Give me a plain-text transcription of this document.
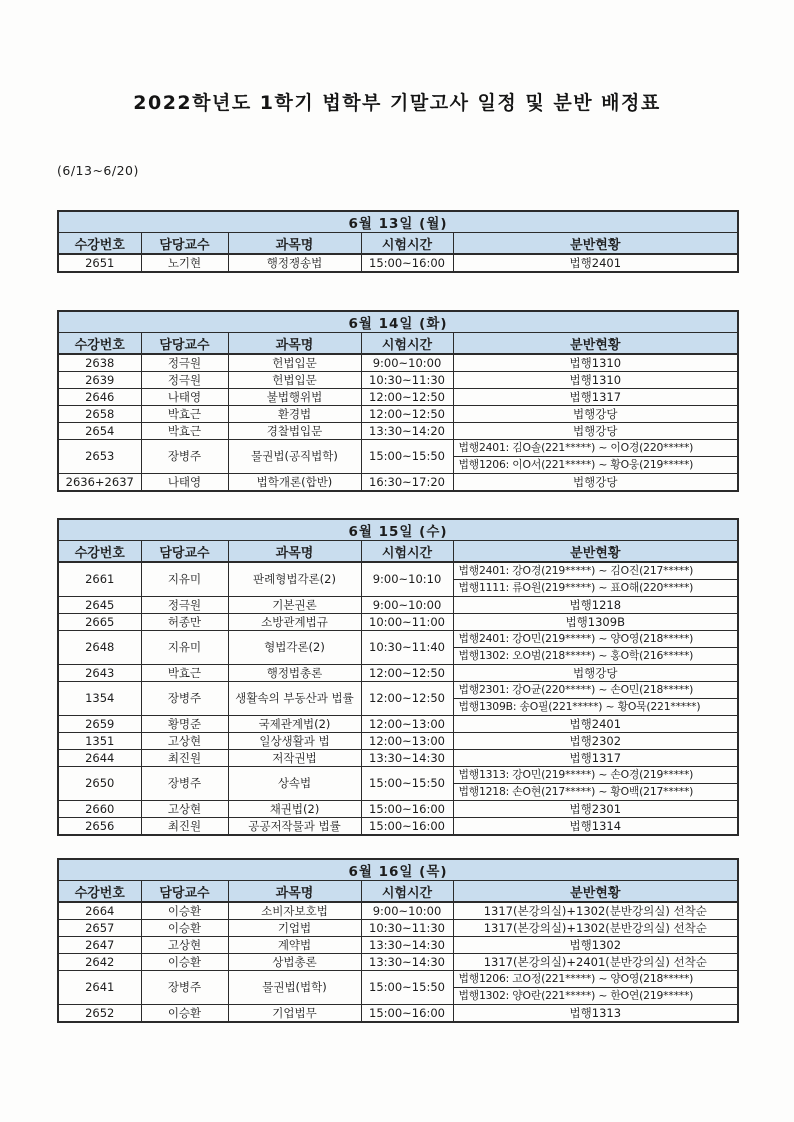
2022학년도 1학기 법학부 기말고사 일정 및 분반 배정표
(6/13~6/20)
6월 13일 (월)				
수강번호	담당교수	과목명	시험시간	분반현황
2651	노기현	행정쟁송법	15:00~16:00	법행2401
6월 14일 (화)				
수강번호	담당교수	과목명	시험시간	분반현황
2638	정극원	헌법입문	9:00~10:00	법행1310
2639	정극원	헌법입문	10:30~11:30	법행1310
2646	나태영	불법행위법	12:00~12:50	법행1317
2658	박효근	환경법	12:00~12:50	법행강당
2654	박효근	경찰법입문	13:30~14:20	법행강당
2653	장병주	물권법(공직법학)	15:00~15:50	법행2401: 김O솔(221*****) ~ 이O경(220*****)
				법행1206: 이O서(221*****) ~ 황O웅(219*****)
2636+2637	나태영	법학개론(합반)	16:30~17:20	법행강당
6월 15일 (수)				
수강번호	담당교수	과목명	시험시간	분반현황
2661	지유미	판례형법각론(2)	9:00~10:10	법행2401: 강O경(219*****) ~ 김O진(217*****)
				법행1111: 류O원(219*****) ~ 표O해(220*****)
2645	정극원	기본권론	9:00~10:00	법행1218
2665	허종만	소방관계법규	10:00~11:00	법행1309B
2648	지유미	형법각론(2)	10:30~11:40	법행2401: 강O민(219*****) ~ 양O영(218*****)
				법행1302: 오O범(218*****) ~ 홍O학(216*****)
2643	박효근	행정법총론	12:00~12:50	법행강당
1354	장병주	생활속의 부동산과 법률	12:00~12:50	법행2301: 강O균(220*****) ~ 손O민(218*****)
				법행1309B: 송O필(221*****) ~ 황O묵(221*****)
2659	황명준	국제관계법(2)	12:00~13:00	법행2401
1351	고상현	일상생활과 법	12:00~13:00	법행2302
2644	최진원	저작권법	13:30~14:30	법행1317
2650	장병주	상속법	15:00~15:50	법행1313: 강O민(219*****) ~ 손O경(219*****)
				법행1218: 손O현(217*****) ~ 황O백(217*****)
2660	고상현	채권법(2)	15:00~16:00	법행2301
2656	최진원	공공저작물과 법률	15:00~16:00	법행1314
6월 16일 (목)				
수강번호	담당교수	과목명	시험시간	분반현황
2664	이승환	소비자보호법	9:00~10:00	1317(본강의실)+1302(분반강의실) 선착순
2657	이승환	기업법	10:30~11:30	1317(본강의실)+1302(분반강의실) 선착순
2647	고상현	계약법	13:30~14:30	법행1302
2642	이승환	상법총론	13:30~14:30	1317(본강의실)+2401(분반강의실) 선착순
2641	장병주	물권법(법학)	15:00~15:50	법행1206: 고O정(221*****) ~ 양O영(218*****)
				법행1302: 양O란(221*****) ~ 한O연(219*****)
2652	이승환	기업법무	15:00~16:00	법행1313
